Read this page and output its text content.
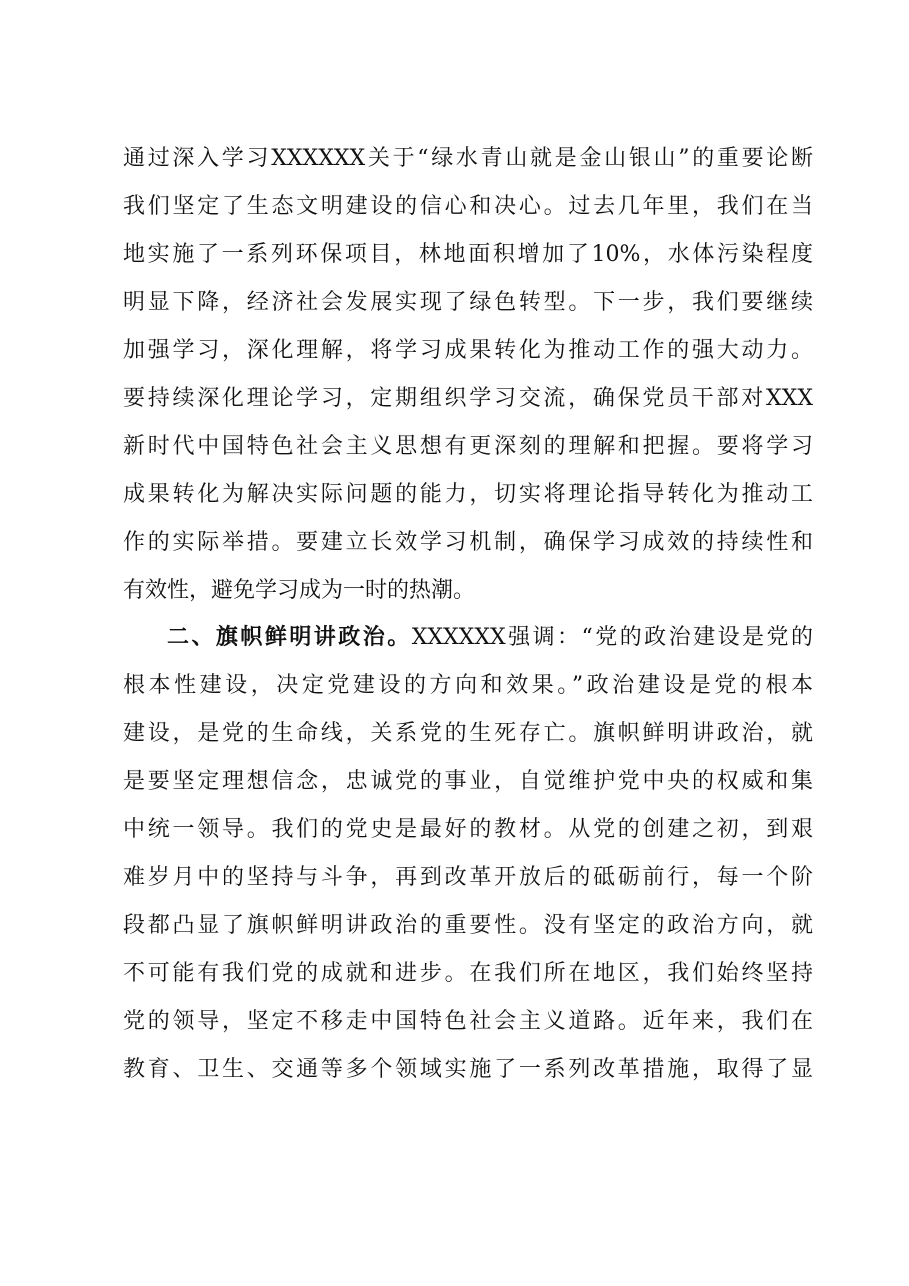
通过深入学习XXXXXX关于“绿水青山就是金山银山”的重要论断
我们坚定了生态文明建设的信心和决心。过去几年里，我们在当
地实施了一系列环保项目，林地面积增加了10%，水体污染程度
明显下降，经济社会发展实现了绿色转型。下一步，我们要继续
加强学习，深化理解，将学习成果转化为推动工作的强大动力。
要持续深化理论学习，定期组织学习交流，确保党员干部对XXX
新时代中国特色社会主义思想有更深刻的理解和把握。要将学习
成果转化为解决实际问题的能力，切实将理论指导转化为推动工
作的实际举措。要建立长效学习机制，确保学习成效的持续性和
有效性，避免学习成为一时的热潮。
二、旗帜鲜明讲政治。XXXXXX强调：“党的政治建设是党的
根本性建设，决定党建设的方向和效果。”政治建设是党的根本
建设，是党的生命线，关系党的生死存亡。旗帜鲜明讲政治，就
是要坚定理想信念，忠诚党的事业，自觉维护党中央的权威和集
中统一领导。我们的党史是最好的教材。从党的创建之初，到艰
难岁月中的坚持与斗争，再到改革开放后的砥砺前行，每一个阶
段都凸显了旗帜鲜明讲政治的重要性。没有坚定的政治方向，就
不可能有我们党的成就和进步。在我们所在地区，我们始终坚持
党的领导，坚定不移走中国特色社会主义道路。近年来，我们在
教育、卫生、交通等多个领域实施了一系列改革措施，取得了显
